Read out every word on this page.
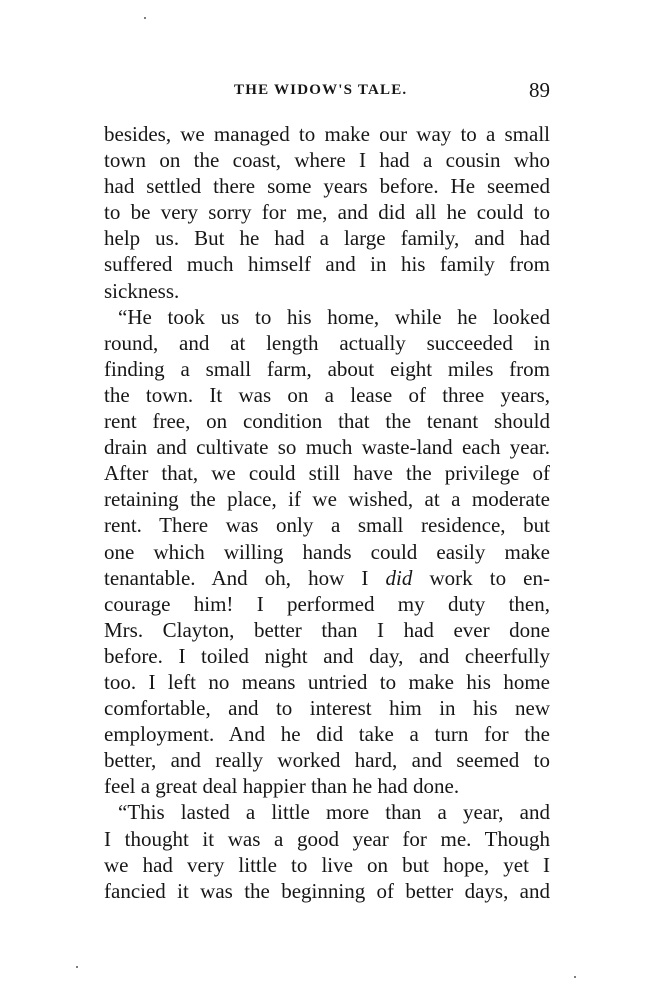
THE WIDOW'S TALE.	89
besides, we managed to make our way to a small
town on the coast, where I had a cousin who
had settled there some years before. He seemed
to be very sorry for me, and did all he could to
help us. But he had a large family, and had
suffered much himself and in his family from
sickness.
“He took us to his home, while he looked
round, and at length actually succeeded in
finding a small farm, about eight miles from
the town. It was on a lease of three years,
rent free, on condition that the tenant should
drain and cultivate so much waste-land each year.
After that, we could still have the privilege of
retaining the place, if we wished, at a moderate
rent. There was only a small residence, but
one which willing hands could easily make
tenantable. And oh, how I did work to en-
courage him! I performed my duty then,
Mrs. Clayton, better than I had ever done
before. I toiled night and day, and cheerfully
too. I left no means untried to make his home
comfortable, and to interest him in his new
employment. And he did take a turn for the
better, and really worked hard, and seemed to
feel a great deal happier than he had done.
“This lasted a little more than a year, and
I thought it was a good year for me. Though
we had very little to live on but hope, yet I
fancied it was the beginning of better days, and
